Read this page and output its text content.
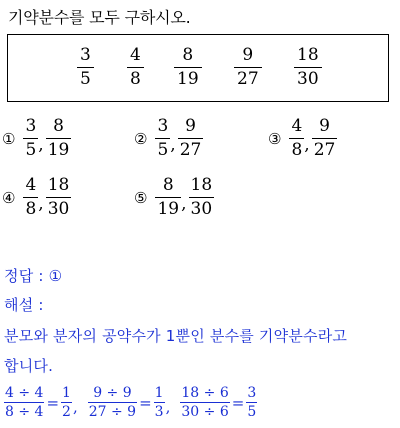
기약분수를 모두 구하시오.
3
5
4
8
8
19
9
27
18
30
① $\frac{3}{5}$ , $\frac{8}{19}$	② $\frac{3}{5}$ , $\frac{9}{27}$	③ $\frac{4}{8}$ , $\frac{9}{27}$
④ $\frac{4}{8}$ , $\frac{18}{30}$	⑤ $\frac{8}{19}$ , $\frac{18}{30}$
정답 : ①
해설 :
분모와 분자의 공약수가 1뿐인 분수를 기약분수라고
합니다.
$\frac{4 \div 4}{8 \div 4} = \frac{1}{2}$ , $\frac{9 \div 9}{27 \div 9} = \frac{1}{3}$ , $\frac{18 \div 6}{30 \div 6} = \frac{3}{5}$
